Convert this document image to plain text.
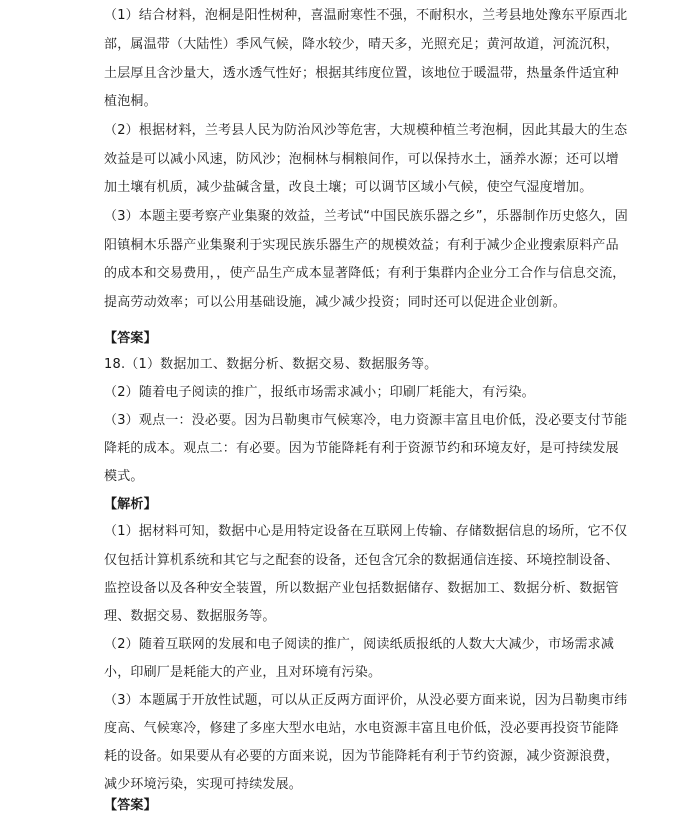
（1）结合材料，泡桐是阳性树种，喜温耐寒性不强，不耐积水，兰考县地处豫东平原西北
部，属温带（大陆性）季风气候，降水较少，晴天多，光照充足；黄河故道，河流沉积，
土层厚且含沙量大，透水透气性好；根据其纬度位置，该地位于暖温带，热量条件适宜种
植泡桐。
（2）根据材料，兰考县人民为防治风沙等危害，大规模种植兰考泡桐，因此其最大的生态
效益是可以减小风速，防风沙；泡桐林与桐粮间作，可以保持水土，涵养水源；还可以增
加土壤有机质，减少盐碱含量，改良土壤；可以调节区域小气候，使空气湿度增加。
（3）本题主要考察产业集聚的效益，兰考试“中国民族乐器之乡”，乐器制作历史悠久，固
阳镇桐木乐器产业集聚利于实现民族乐器生产的规模效益；有利于减少企业搜索原料产品
的成本和交易费用，，使产品生产成本显著降低；有利于集群内企业分工合作与信息交流，
提高劳动效率；可以公用基础设施，减少减少投资；同时还可以促进企业创新。
【答案】
18.（1）数据加工、数据分析、数据交易、数据服务等。
（2）随着电子阅读的推广，报纸市场需求减小；印刷厂耗能大，有污染。
（3）观点一：没必要。因为吕勒奥市气候寒冷，电力资源丰富且电价低，没必要支付节能
降耗的成本。观点二：有必要。因为节能降耗有利于资源节约和环境友好，是可持续发展
模式。
【解析】
（1）据材料可知，数据中心是用特定设备在互联网上传输、存储数据信息的场所，它不仅
仅包括计算机系统和其它与之配套的设备，还包含冗余的数据通信连接、环境控制设备、
监控设备以及各种安全装置，所以数据产业包括数据储存、数据加工、数据分析、数据管
理、数据交易、数据服务等。
（2）随着互联网的发展和电子阅读的推广，阅读纸质报纸的人数大大减少，市场需求减
小，印刷厂是耗能大的产业，且对环境有污染。
（3）本题属于开放性试题，可以从正反两方面评价，从没必要方面来说，因为吕勒奥市纬
度高、气候寒冷，修建了多座大型水电站，水电资源丰富且电价低，没必要再投资节能降
耗的设备。如果要从有必要的方面来说，因为节能降耗有利于节约资源，减少资源浪费，
减少环境污染，实现可持续发展。
【答案】
